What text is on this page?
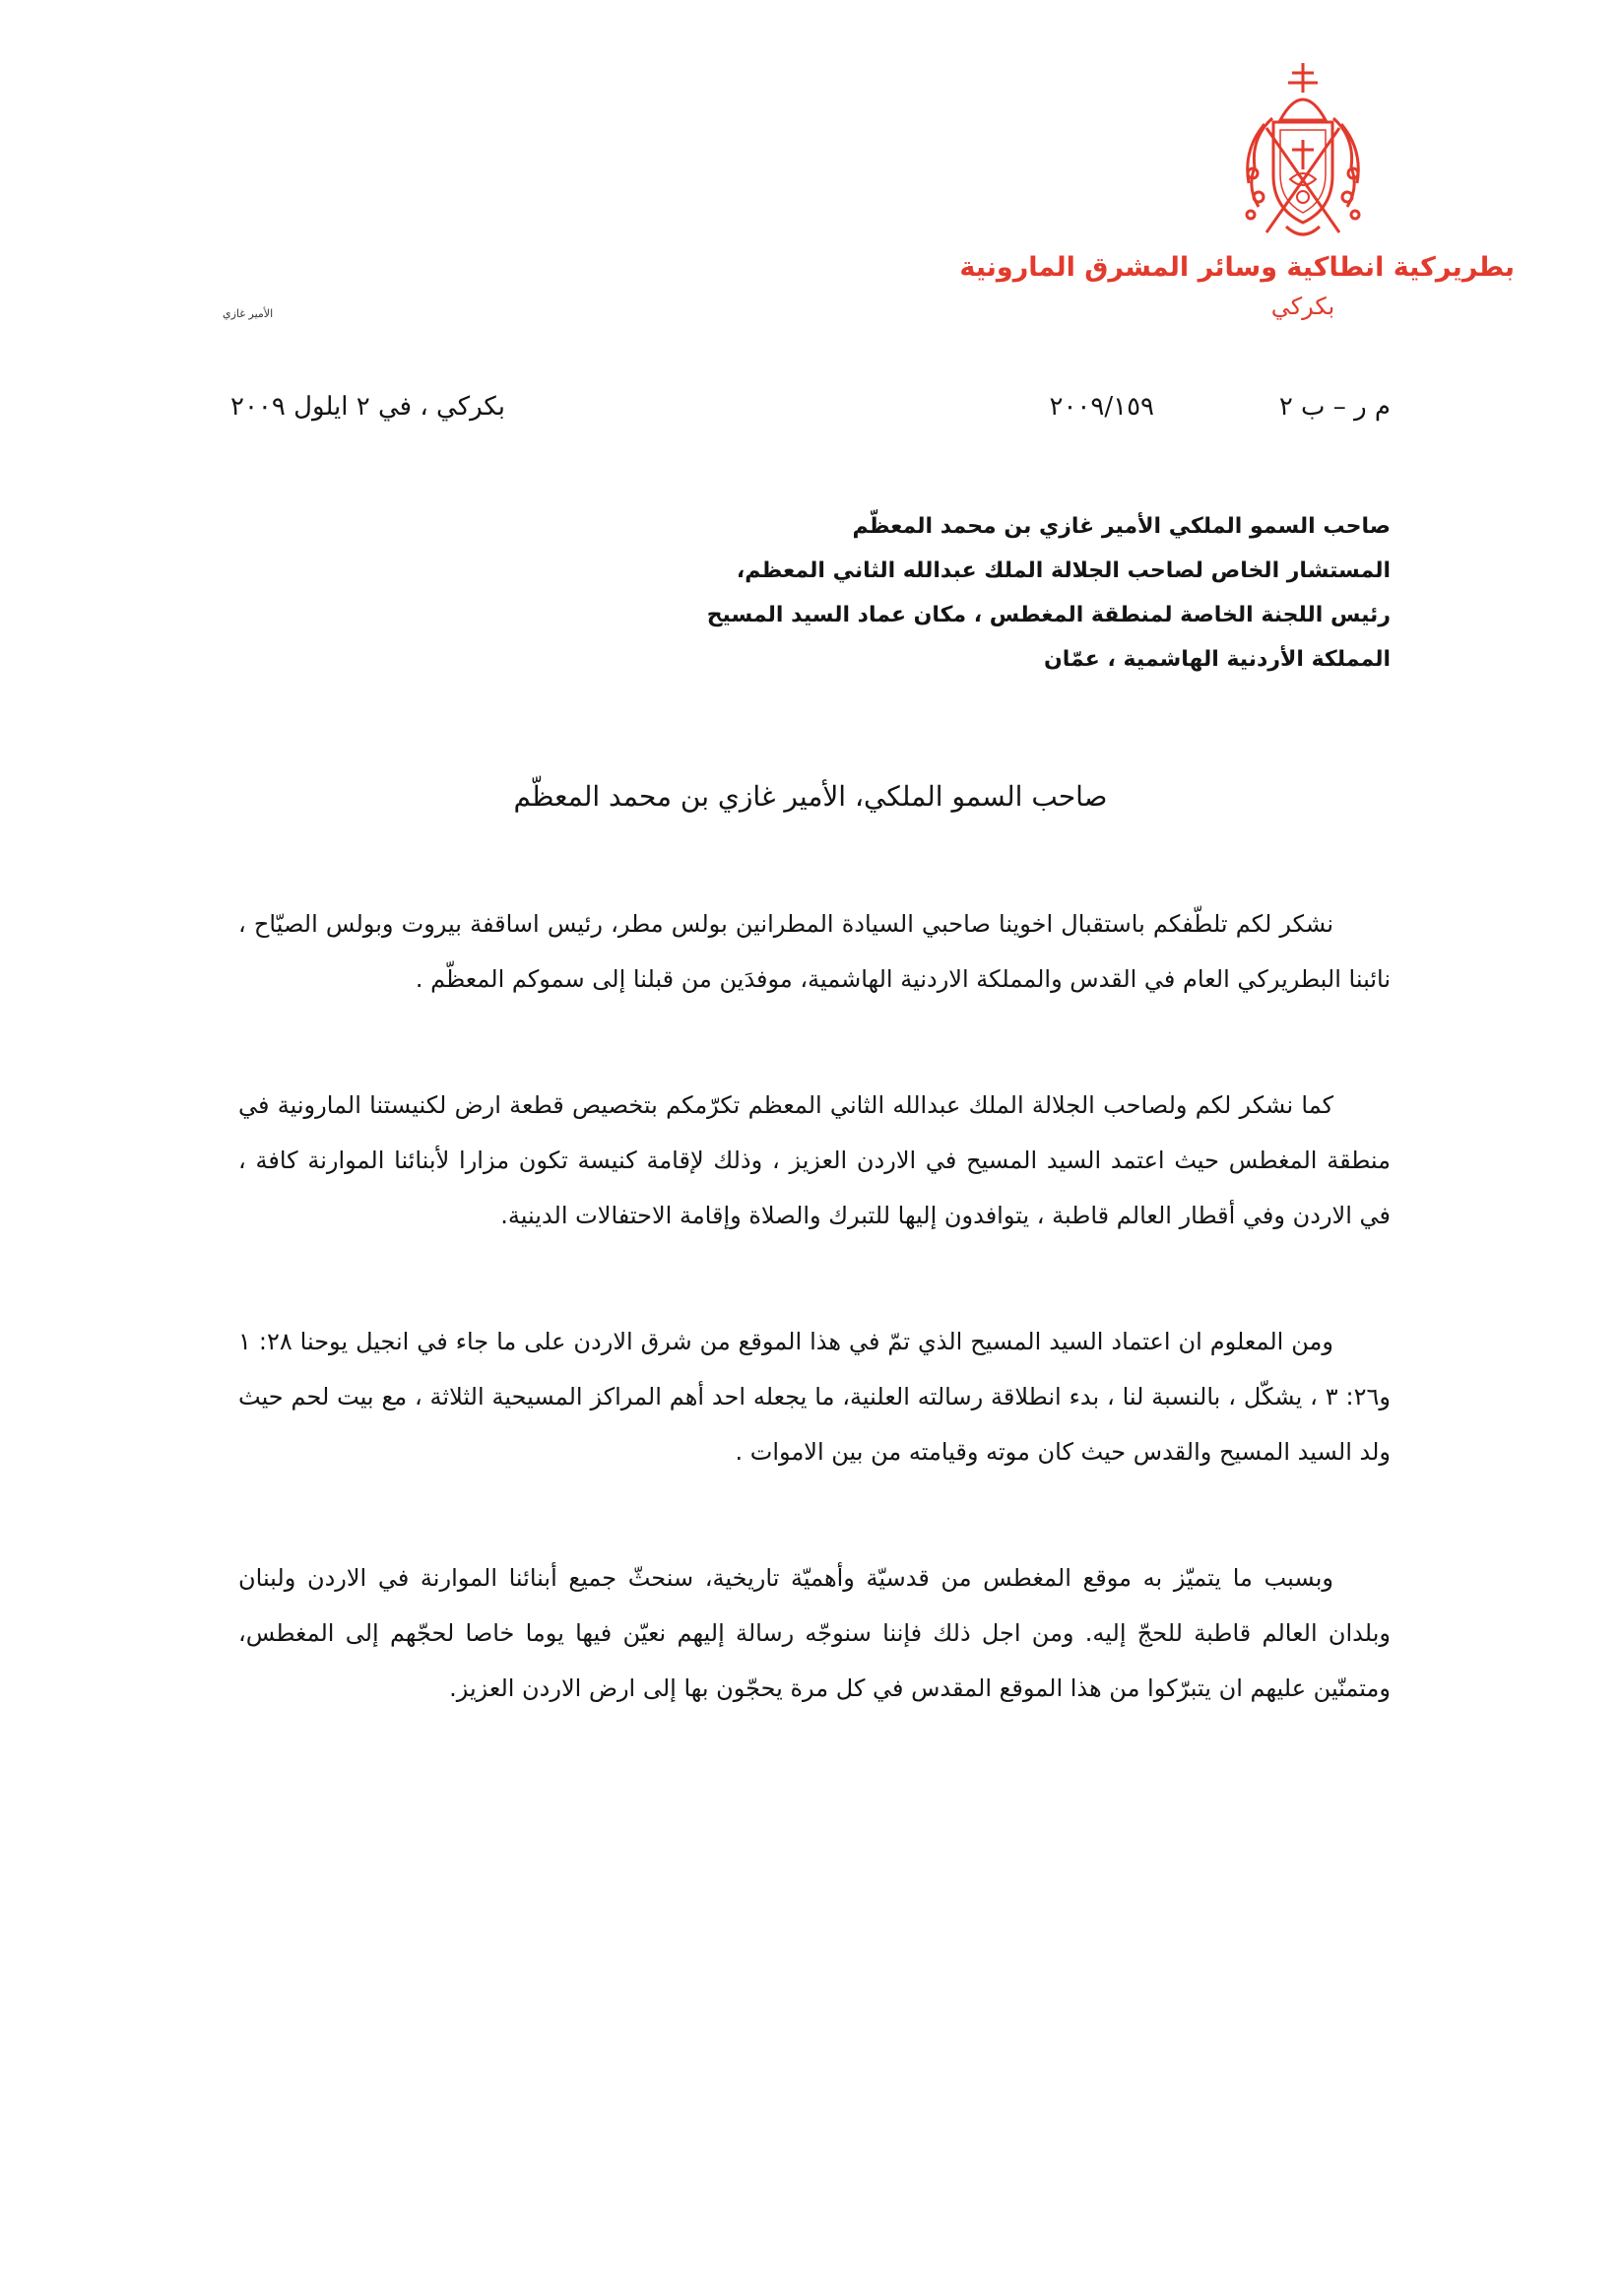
بطريركية انطاكية وسائر المشرق المارونية
بكركي
الأمير غازي
م ر – ب ٢
٢٠٠٩/١٥٩
بكركي ، في ٢ ايلول ٢٠٠٩
صاحب السمو الملكي الأمير غازي بن محمد المعظّم
المستشار الخاص لصاحب الجلالة الملك عبدالله الثاني المعظم،
رئيس اللجنة الخاصة لمنطقة المغطس ، مكان عماد السيد المسيح
المملكة الأردنية الهاشمية ، عمّان
صاحب السمو الملكي، الأمير غازي بن محمد المعظّم

نشكر لكم تلطّفكم باستقبال اخوينا صاحبي السيادة المطرانين بولس مطر، رئيس اساقفة بيروت وبولس الصيّاح ، نائبنا البطريركي العام في القدس والمملكة الاردنية الهاشمية، موفدَين من قبلنا إلى سموكم المعظّم .

كما نشكر لكم ولصاحب الجلالة الملك عبدالله الثاني المعظم تكرّمكم بتخصيص قطعة ارض لكنيستنا المارونية في منطقة المغطس حيث اعتمد السيد المسيح في الاردن العزيز ، وذلك لإقامة كنيسة تكون مزارا لأبنائنا الموارنة كافة ، في الاردن وفي أقطار العالم قاطبة ، يتوافدون إليها للتبرك والصلاة وإقامة الاحتفالات الدينية.

ومن المعلوم ان اعتماد السيد المسيح الذي تمّ في هذا الموقع من شرق الاردن على ما جاء في انجيل يوحنا ٢٨: ١ و٢٦: ٣ ، يشكّل ، بالنسبة لنا ، بدء انطلاقة رسالته العلنية، ما يجعله احد أهم المراكز المسيحية الثلاثة ، مع بيت لحم حيث ولد السيد المسيح والقدس حيث كان موته وقيامته من بين الاموات .

وبسبب ما يتميّز به موقع المغطس من قدسيّة وأهميّة تاريخية، سنحثّ جميع أبنائنا الموارنة في الاردن ولبنان وبلدان العالم قاطبة للحجّ إليه. ومن اجل ذلك فإننا سنوجّه رسالة إليهم نعيّن فيها يوما خاصا لحجّهم إلى المغطس، ومتمنّين عليهم ان يتبرّكوا من هذا الموقع المقدس في كل مرة يحجّون بها إلى ارض الاردن العزيز.
